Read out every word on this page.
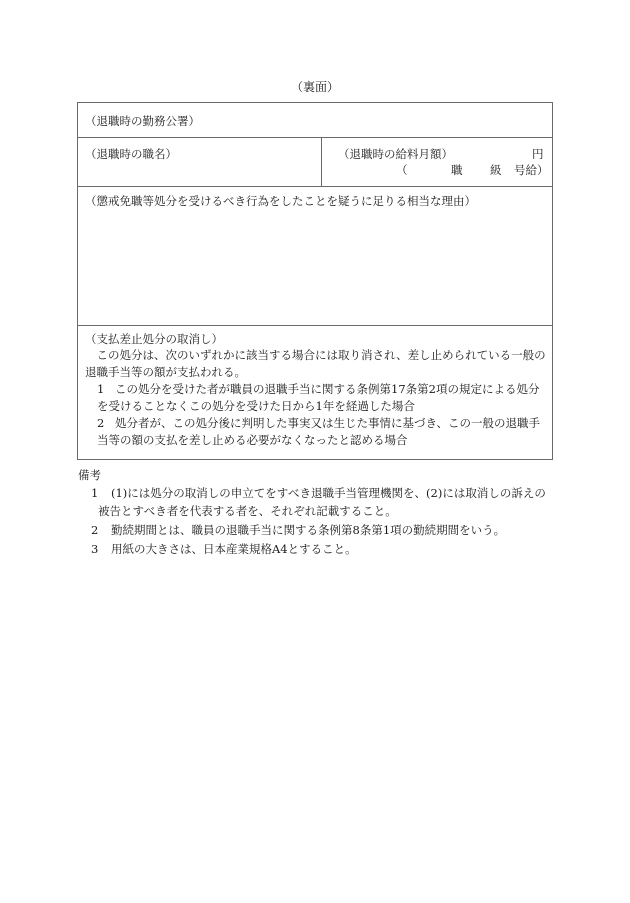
（裏面）
（退職時の勤務公署）
（退職時の職名）	（退職時の給料月額）	円
（	職 級 号給）
（懲戒免職等処分を受けるべき行為をしたことを疑うに足りる相当な理由）
（支払差止処分の取消し）
　この処分は、次のいずれかに該当する場合には取り消され、差し止められている一般の
退職手当等の額が支払われる。
1 この処分を受けた者が職員の退職手当に関する条例第17条第2項の規定による処分
を受けることなくこの処分を受けた日から1年を経過した場合
2 処分者が、この処分後に判明した事実又は生じた事情に基づき、この一般の退職手
当等の額の支払を差し止める必要がなくなったと認める場合
備考
1 (1)には処分の取消しの申立てをすべき退職手当管理機関を、(2)には取消しの訴えの
被告とすべき者を代表する者を、それぞれ記載すること。
2 勤続期間とは、職員の退職手当に関する条例第8条第1項の勤続期間をいう。
3 用紙の大きさは、日本産業規格A4とすること。
